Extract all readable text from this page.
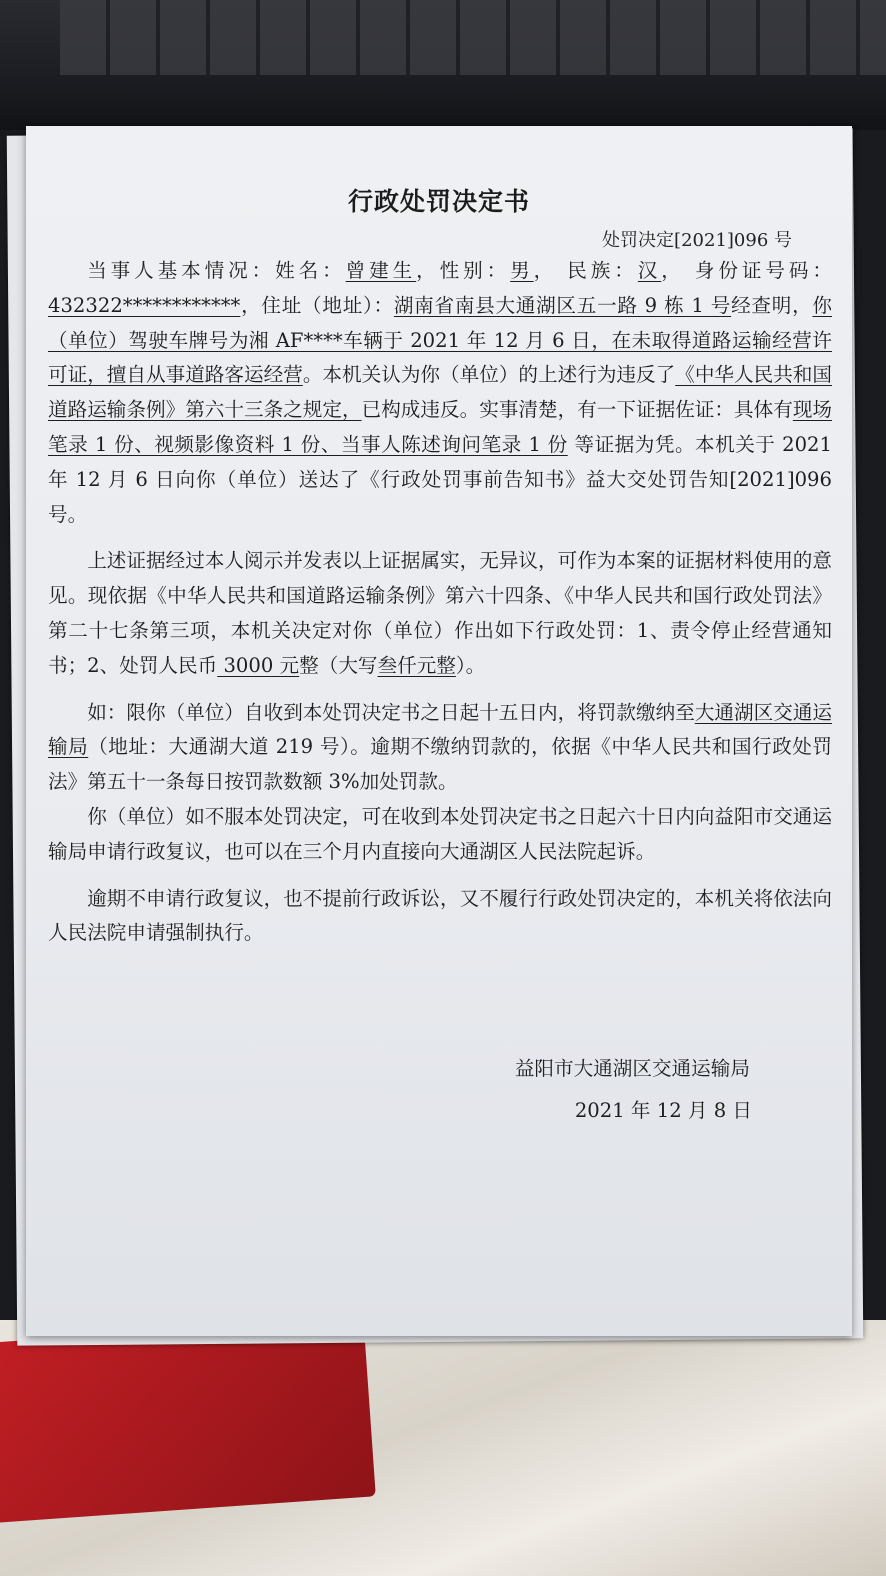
行政处罚决定书
处罚决定[2021]096 号

当事人基本情况：姓名：曾建生，性别：男， 民族：汉， 身份证号码：432322************，住址（地址）：湖南省南县大通湖区五一路 9 栋 1 号经查明，你（单位）驾驶车牌号为湘 AF****车辆于 2021 年 12 月 6 日，在未取得道路运输经营许可证，擅自从事道路客运经营。本机关认为你（单位）的上述行为违反了《中华人民共和国道路运输条例》第六十三条之规定，已构成违反。实事清楚，有一下证据佐证：具体有现场笔录 1 份、视频影像资料 1 份、当事人陈述询问笔录 1 份 等证据为凭。本机关于 2021 年 12 月 6 日向你（单位）送达了《行政处罚事前告知书》益大交处罚告知[2021]096 号。

上述证据经过本人阅示并发表以上证据属实，无异议，可作为本案的证据材料使用的意见。现依据《中华人民共和国道路运输条例》第六十四条、《中华人民共和国行政处罚法》第二十七条第三项，本机关决定对你（单位）作出如下行政处罚：1、责令停止经营通知书；2、处罚人民币 3000 元整（大写叁仟元整）。

如：限你（单位）自收到本处罚决定书之日起十五日内，将罚款缴纳至大通湖区交通运输局（地址：大通湖大道 219 号）。逾期不缴纳罚款的，依据《中华人民共和国行政处罚法》第五十一条每日按罚款数额 3%加处罚款。

你（单位）如不服本处罚决定，可在收到本处罚决定书之日起六十日内向益阳市交通运输局申请行政复议，也可以在三个月内直接向大通湖区人民法院起诉。

逾期不申请行政复议，也不提前行政诉讼，又不履行行政处罚决定的，本机关将依法向人民法院申请强制执行。

益阳市大通湖区交通运输局
2021 年 12 月 8 日
